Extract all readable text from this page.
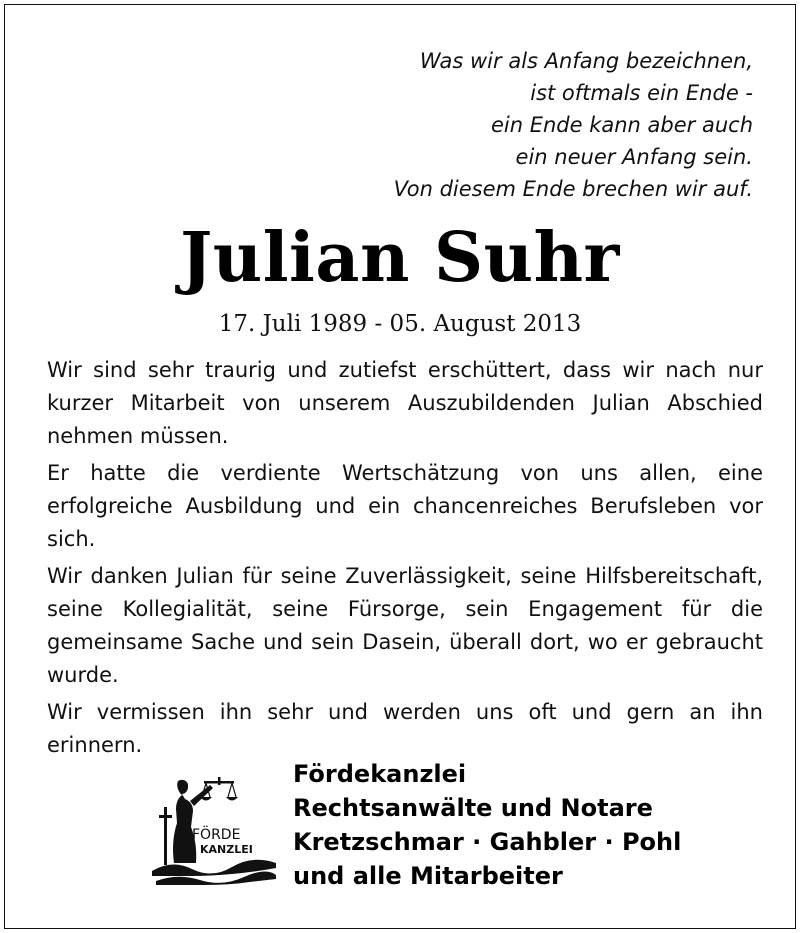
Was wir als Anfang bezeichnen,
ist oftmals ein Ende -
ein Ende kann aber auch
ein neuer Anfang sein.
Von diesem Ende brechen wir auf.
Julian Suhr
17. Juli 1989 - 05. August 2013

Wir sind sehr traurig und zutiefst erschüttert, dass wir nach nur kurzer Mitarbeit von unserem Auszubildenden Julian Abschied nehmen müssen.

Er hatte die verdiente Wertschätzung von uns allen, eine erfolgreiche Ausbildung und ein chancenreiches Berufsleben vor sich.

Wir danken Julian für seine Zuverlässigkeit, seine Hilfsbereitschaft, seine Kollegialität, seine Fürsorge, sein Engagement für die gemeinsame Sache und sein Dasein, überall dort, wo er gebraucht wurde.

Wir vermissen ihn sehr und werden uns oft und gern an ihn erinnern.

FÖRDE
KANZLEI
Fördekanzlei
Rechtsanwälte und Notare
Kretzschmar · Gahbler · Pohl
und alle Mitarbeiter
